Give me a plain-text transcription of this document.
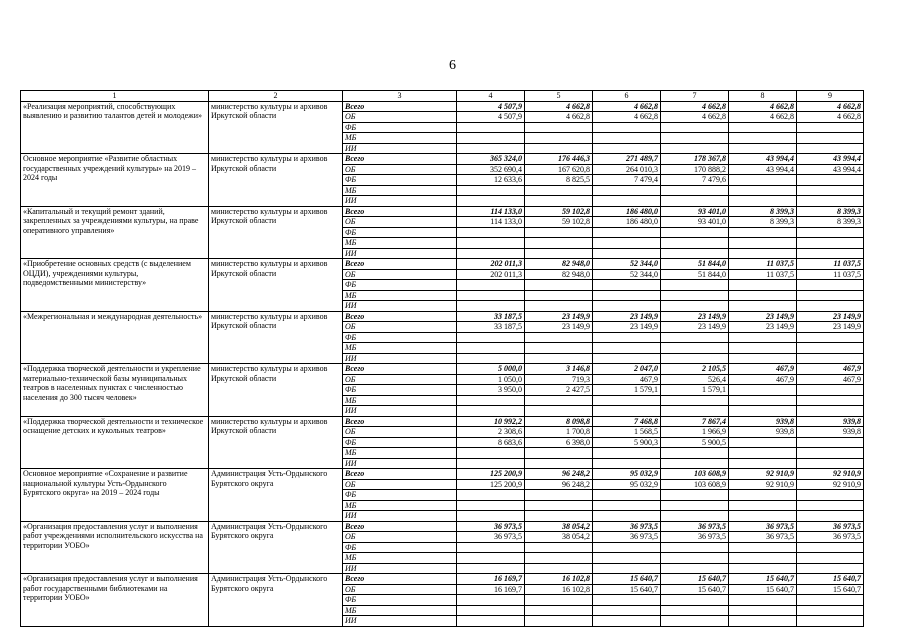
6
1	2	3	4	5	6	7	8	9
«Реализация мероприятий, способствующих выявлению и развитию талантов детей и молодежи»	министерство культуры и архивов Иркутской области	Всего	4 507,9	4 662,8	4 662,8	4 662,8	4 662,8	4 662,8
		ОБ	4 507,9	4 662,8	4 662,8	4 662,8	4 662,8	4 662,8
		ФБ						
		МБ						
		ИИ						
Основное мероприятие «Развитие областных государственных учреждений культуры» на 2019 – 2024 годы	министерство культуры и архивов Иркутской области	Всего	365 324,0	176 446,3	271 489,7	178 367,8	43 994,4	43 994,4
		ОБ	352 690,4	167 620,8	264 010,3	170 888,2	43 994,4	43 994,4
		ФБ	12 633,6	8 825,5	7 479,4	7 479,6		
		МБ						
		ИИ						
«Капитальный и текущий ремонт зданий, закрепленных за учреждениями культуры, на праве оперативного управления»	министерство культуры и архивов Иркутской области	Всего	114 133,0	59 102,8	186 480,0	93 401,0	8 399,3	8 399,3
		ОБ	114 133,0	59 102,8	186 480,0	93 401,0	8 399,3	8 399,3
		ФБ						
		МБ						
		ИИ						
«Приобретение основных средств (с выделением ОЦДИ), учреждениями культуры, подведомственными министерству»	министерство культуры и архивов Иркутской области	Всего	202 011,3	82 948,0	52 344,0	51 844,0	11 037,5	11 037,5
		ОБ	202 011,3	82 948,0	52 344,0	51 844,0	11 037,5	11 037,5
		ФБ						
		МБ						
		ИИ						
«Межрегиональная и международная деятельность»	министерство культуры и архивов Иркутской области	Всего	33 187,5	23 149,9	23 149,9	23 149,9	23 149,9	23 149,9
		ОБ	33 187,5	23 149,9	23 149,9	23 149,9	23 149,9	23 149,9
		ФБ						
		МБ						
		ИИ						
«Поддержка творческой деятельности и укрепление материально-технической базы муниципальных театров в населенных пунктах с численностью населения до 300 тысяч человек»	министерство культуры и архивов Иркутской области	Всего	5 000,0	3 146,8	2 047,0	2 105,5	467,9	467,9
		ОБ	1 050,0	719,3	467,9	526,4	467,9	467,9
		ФБ	3 950,0	2 427,5	1 579,1	1 579,1		
		МБ						
		ИИ						
«Поддержка творческой деятельности и техническое оснащение детских и кукольных театров»	министерство культуры и архивов Иркутской области	Всего	10 992,2	8 098,8	7 468,8	7 867,4	939,8	939,8
		ОБ	2 308,6	1 700,8	1 568,5	1 966,9	939,8	939,8
		ФБ	8 683,6	6 398,0	5 900,3	5 900,5		
		МБ						
		ИИ						
Основное мероприятие «Сохранение и развитие национальной культуры Усть-Ордынского Бурятского округа» на 2019 – 2024 годы	Администрация Усть-Ордынского Бурятского округа	Всего	125 200,9	96 248,2	95 032,9	103 608,9	92 910,9	92 910,9
		ОБ	125 200,9	96 248,2	95 032,9	103 608,9	92 910,9	92 910,9
		ФБ						
		МБ						
		ИИ						
«Организация предоставления услуг и выполнения работ учреждениями исполнительского искусства на территории УОБО»	Администрация Усть-Ордынского Бурятского округа	Всего	36 973,5	38 054,2	36 973,5	36 973,5	36 973,5	36 973,5
		ОБ	36 973,5	38 054,2	36 973,5	36 973,5	36 973,5	36 973,5
		ФБ						
		МБ						
		ИИ						
«Организация предоставления услуг и выполнения работ государственными библиотеками на территории УОБО»	Администрация Усть-Ордынского Бурятского округа	Всего	16 169,7	16 102,8	15 640,7	15 640,7	15 640,7	15 640,7
		ОБ	16 169,7	16 102,8	15 640,7	15 640,7	15 640,7	15 640,7
		ФБ						
		МБ						
		ИИ						
